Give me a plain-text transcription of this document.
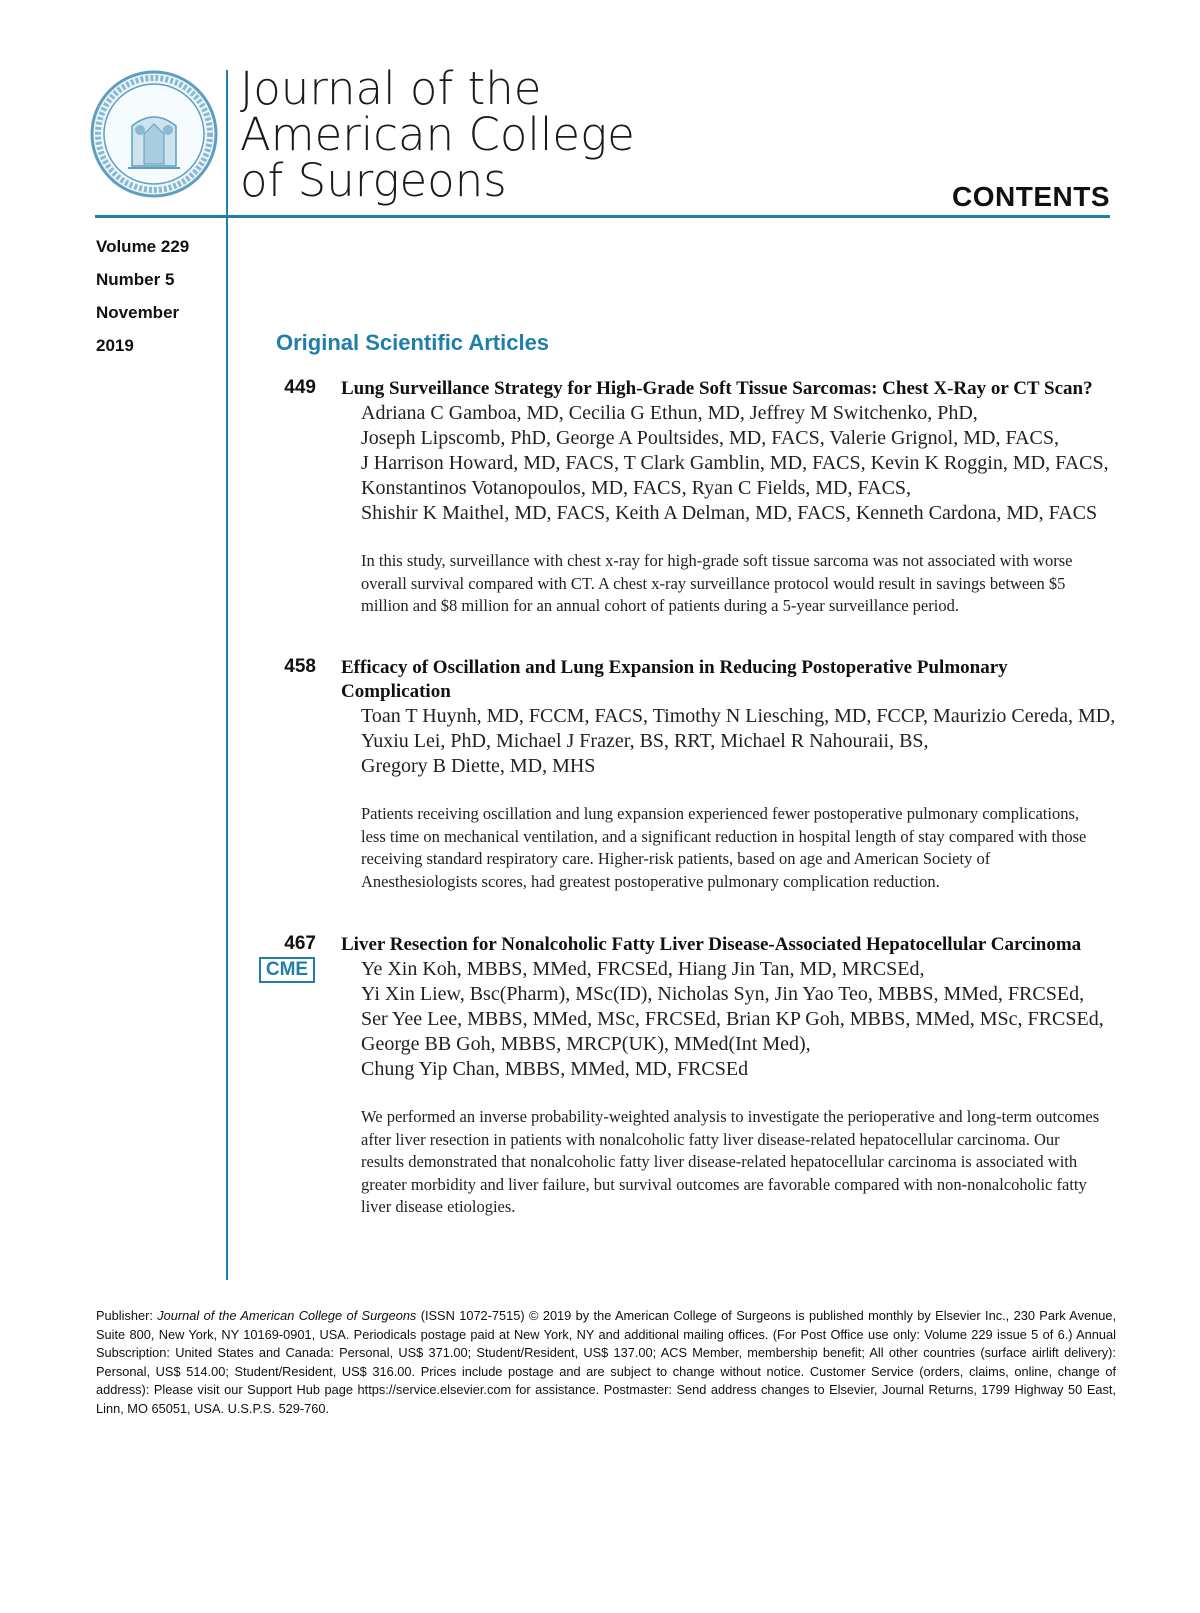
Journal of the
American College
of Surgeons	CONTENTS
Volume 229
Number 5
November
2019	Original Scientific Articles
449 Lung Surveillance Strategy for High-Grade Soft Tissue Sarcomas: Chest X-Ray or CT Scan?
Adriana C Gamboa, MD, Cecilia G Ethun, MD, Jeffrey M Switchenko, PhD,
Joseph Lipscomb, PhD, George A Poultsides, MD, FACS, Valerie Grignol, MD, FACS,
J Harrison Howard, MD, FACS, T Clark Gamblin, MD, FACS, Kevin K Roggin, MD, FACS,
Konstantinos Votanopoulos, MD, FACS, Ryan C Fields, MD, FACS,
Shishir K Maithel, MD, FACS, Keith A Delman, MD, FACS, Kenneth Cardona, MD, FACS
In this study, surveillance with chest x-ray for high-grade soft tissue sarcoma was not associated with worse overall survival compared with CT. A chest x-ray surveillance protocol would result in savings between $5 million and $8 million for an annual cohort of patients during a 5-year surveillance period.
458 Efficacy of Oscillation and Lung Expansion in Reducing Postoperative Pulmonary Complication
Toan T Huynh, MD, FCCM, FACS, Timothy N Liesching, MD, FCCP, Maurizio Cereda, MD,
Yuxiu Lei, PhD, Michael J Frazer, BS, RRT, Michael R Nahouraii, BS,
Gregory B Diette, MD, MHS
Patients receiving oscillation and lung expansion experienced fewer postoperative pulmonary complications, less time on mechanical ventilation, and a significant reduction in hospital length of stay compared with those receiving standard respiratory care. Higher-risk patients, based on age and American Society of Anesthesiologists scores, had greatest postoperative pulmonary complication reduction.
467
CME
Liver Resection for Nonalcoholic Fatty Liver Disease-Associated Hepatocellular Carcinoma
Ye Xin Koh, MBBS, MMed, FRCSEd, Hiang Jin Tan, MD, MRCSEd,
Yi Xin Liew, Bsc(Pharm), MSc(ID), Nicholas Syn, Jin Yao Teo, MBBS, MMed, FRCSEd,
Ser Yee Lee, MBBS, MMed, MSc, FRCSEd, Brian KP Goh, MBBS, MMed, MSc, FRCSEd,
George BB Goh, MBBS, MRCP(UK), MMed(Int Med),
Chung Yip Chan, MBBS, MMed, MD, FRCSEd
We performed an inverse probability-weighted analysis to investigate the perioperative and long-term outcomes after liver resection in patients with nonalcoholic fatty liver disease-related hepatocellular carcinoma. Our results demonstrated that nonalcoholic fatty liver disease-related hepatocellular carcinoma is associated with greater morbidity and liver failure, but survival outcomes are favorable compared with non-nonalcoholic fatty liver disease etiologies.
Publisher: Journal of the American College of Surgeons (ISSN 1072-7515) © 2019 by the American College of Surgeons is published monthly by Elsevier Inc., 230 Park Avenue, Suite 800, New York, NY 10169-0901, USA. Periodicals postage paid at New York, NY and additional mailing offices. (For Post Office use only: Volume 229 issue 5 of 6.) Annual Subscription: United States and Canada: Personal, US$ 371.00; Student/Resident, US$ 137.00; ACS Member, membership benefit; All other countries (surface airlift delivery): Personal, US$ 514.00; Student/Resident, US$ 316.00. Prices include postage and are subject to change without notice. Customer Service (orders, claims, online, change of address): Please visit our Support Hub page https://service.elsevier.com for assistance. Postmaster: Send address changes to Elsevier, Journal Returns, 1799 Highway 50 East, Linn, MO 65051, USA. U.S.P.S. 529-760.
